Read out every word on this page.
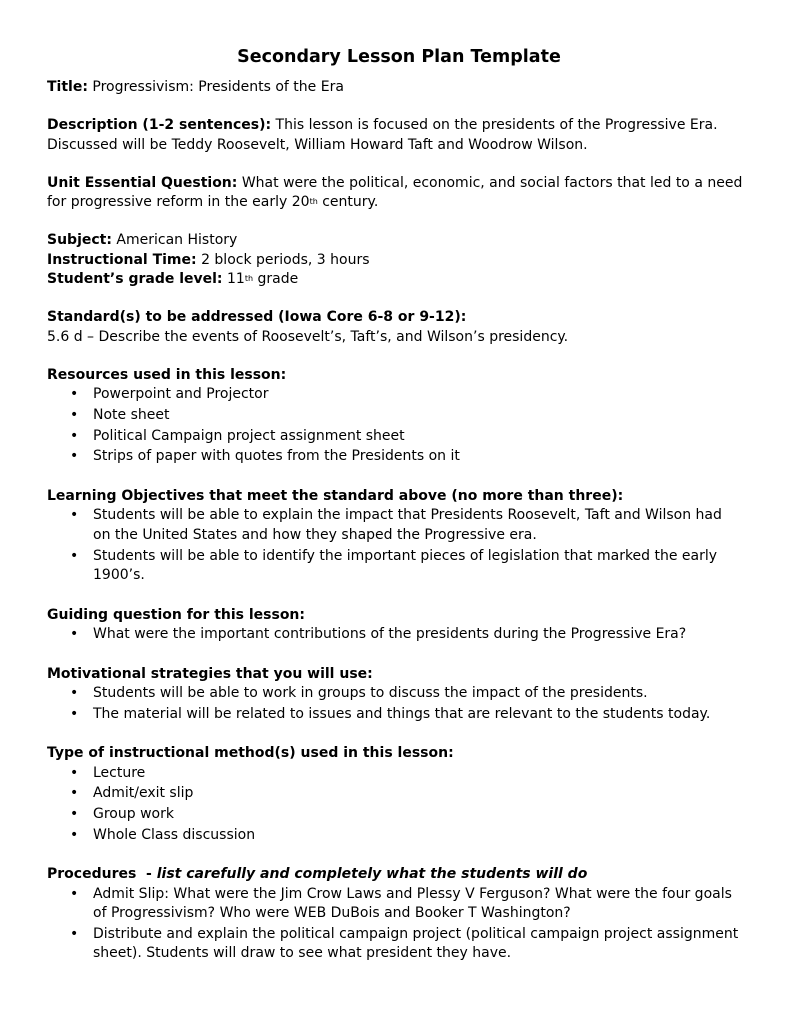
Secondary Lesson Plan Template

Title: Progressivism: Presidents of the Era

Description (1-2 sentences): This lesson is focused on the presidents of the Progressive Era.

Discussed will be Teddy Roosevelt, William Howard Taft and Woodrow Wilson.

Unit Essential Question: What were the political, economic, and social factors that led to a need

for progressive reform in the early 20th century.

Subject: American History

Instructional Time: 2 block periods, 3 hours

Student’s grade level: 11th grade

Standard(s) to be addressed (Iowa Core 6-8 or 9-12):

5.6 d – Describe the events of Roosevelt’s, Taft’s, and Wilson’s presidency.

Resources used in this lesson:

• Powerpoint and Projector
• Note sheet
• Political Campaign project assignment sheet
• Strips of paper with quotes from the Presidents on it

Learning Objectives that meet the standard above (no more than three):

• Students will be able to explain the impact that Presidents Roosevelt, Taft and Wilson had
on the United States and how they shaped the Progressive era.
• Students will be able to identify the important pieces of legislation that marked the early
1900’s.

Guiding question for this lesson:

• What were the important contributions of the presidents during the Progressive Era?

Motivational strategies that you will use:

• Students will be able to work in groups to discuss the impact of the presidents.
• The material will be related to issues and things that are relevant to the students today.

Type of instructional method(s) used in this lesson:

• Lecture
• Admit/exit slip
• Group work
• Whole Class discussion

Procedures  - list carefully and completely what the students will do

• Admit Slip: What were the Jim Crow Laws and Plessy V Ferguson? What were the four goals
of Progressivism? Who were WEB DuBois and Booker T Washington?
• Distribute and explain the political campaign project (political campaign project assignment
sheet). Students will draw to see what president they have.
